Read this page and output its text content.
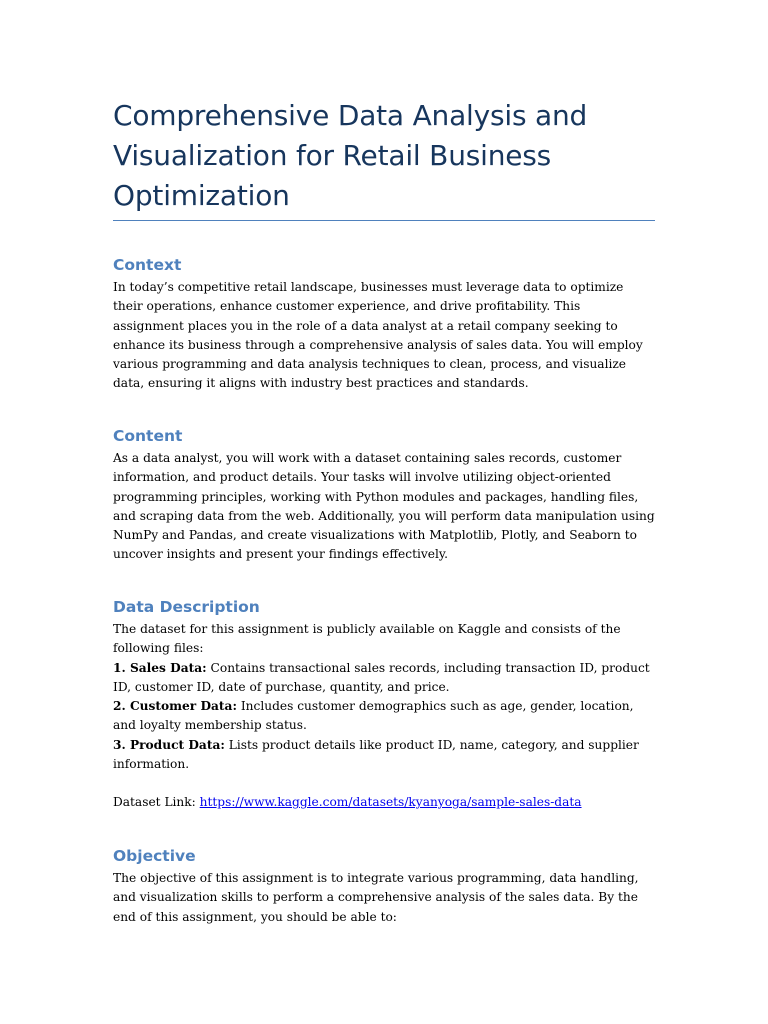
Comprehensive Data Analysis and Visualization for Retail Business Optimization
Context

In today’s competitive retail landscape, businesses must leverage data to optimize their operations, enhance customer experience, and drive profitability. This assignment places you in the role of a data analyst at a retail company seeking to enhance its business through a comprehensive analysis of sales data. You will employ various programming and data analysis techniques to clean, process, and visualize data, ensuring it aligns with industry best practices and standards.

Content

As a data analyst, you will work with a dataset containing sales records, customer information, and product details. Your tasks will involve utilizing object-oriented programming principles, working with Python modules and packages, handling files, and scraping data from the web. Additionally, you will perform data manipulation using NumPy and Pandas, and create visualizations with Matplotlib, Plotly, and Seaborn to uncover insights and present your findings effectively.

Data Description

The dataset for this assignment is publicly available on Kaggle and consists of the following files:

1. Sales Data: Contains transactional sales records, including transaction ID, product ID, customer ID, date of purchase, quantity, and price.

2. Customer Data: Includes customer demographics such as age, gender, location, and loyalty membership status.

3. Product Data: Lists product details like product ID, name, category, and supplier information.

Dataset Link: https://www.kaggle.com/datasets/kyanyoga/sample-sales-data

Objective

The objective of this assignment is to integrate various programming, data handling, and visualization skills to perform a comprehensive analysis of the sales data. By the end of this assignment, you should be able to:
